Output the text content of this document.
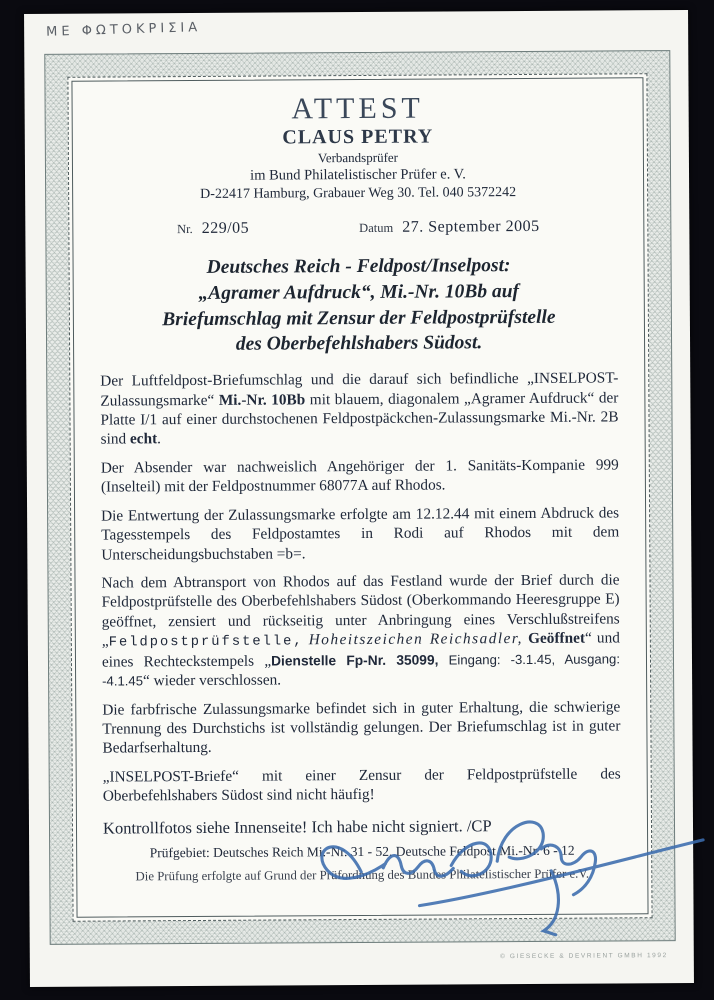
ΜΕ ΦΩΤΟΚΡΙΣΙΑ
ATTEST
CLAUS PETRY
Verbandsprüfer
im Bund Philatelistischer Prüfer e. V.
D-22417 Hamburg, Grabauer Weg 30. Tel. 040 5372242
Nr. 229/05	Datum 27. September 2005
Deutsches Reich - Feldpost/Inselpost:
„Agramer Aufdruck“, Mi.-Nr. 10Bb auf
Briefumschlag mit Zensur der Feldpostprüfstelle
des Oberbefehlshabers Südost.

Der Luftfeldpost-Briefumschlag und die darauf sich befindliche „INSELPOST-Zulassungsmarke“ Mi.-Nr. 10Bb mit blauem, diagonalem „Agramer Aufdruck“ der Platte I/1 auf einer durchstochenen Feldpostpäckchen-Zulassungsmarke Mi.-Nr. 2B sind echt.

Der Absender war nachweislich Angehöriger der 1. Sanitäts-Kompanie 999 (Inselteil) mit der Feldpostnummer 68077A auf Rhodos.

Die Entwertung der Zulassungsmarke erfolgte am 12.12.44 mit einem Abdruck des Tagesstempels des Feldpostamtes in Rodi auf Rhodos mit dem Unterscheidungsbuchstaben =b=.

Nach dem Abtransport von Rhodos auf das Festland wurde der Brief durch die Feldpostprüfstelle des Oberbefehlshabers Südost (Oberkommando Heeresgruppe E) geöffnet, zensiert und rückseitig unter Anbringung eines Verschlußstreifens „Feldpostprüfstelle, Hoheitszeichen Reichsadler, Geöffnet“ und eines Rechteckstempels „Dienstelle Fp-Nr. 35099, Eingang: -3.1.45, Ausgang: -4.1.45“ wieder verschlossen.

Die farbfrische Zulassungsmarke befindet sich in guter Erhaltung, die schwierige Trennung des Durchstichs ist vollständig gelungen. Der Briefumschlag ist in guter Bedarfserhaltung.

„INSELPOST-Briefe“ mit einer Zensur der Feldpostprüfstelle des Oberbefehlshabers Südost sind nicht häufig!

Kontrollfotos siehe Innenseite! Ich habe nicht signiert. /CP
Prüfgebiet: Deutsches Reich Mi.-Nr. 31 - 52. Deutsche Feldpost Mi.-Nr. 6 - 12
Die Prüfung erfolgte auf Grund der Prüfordnung des Bundes Philatelistischer Prüfer e.V.
© GIESECKE & DEVRIENT GMBH 1992
